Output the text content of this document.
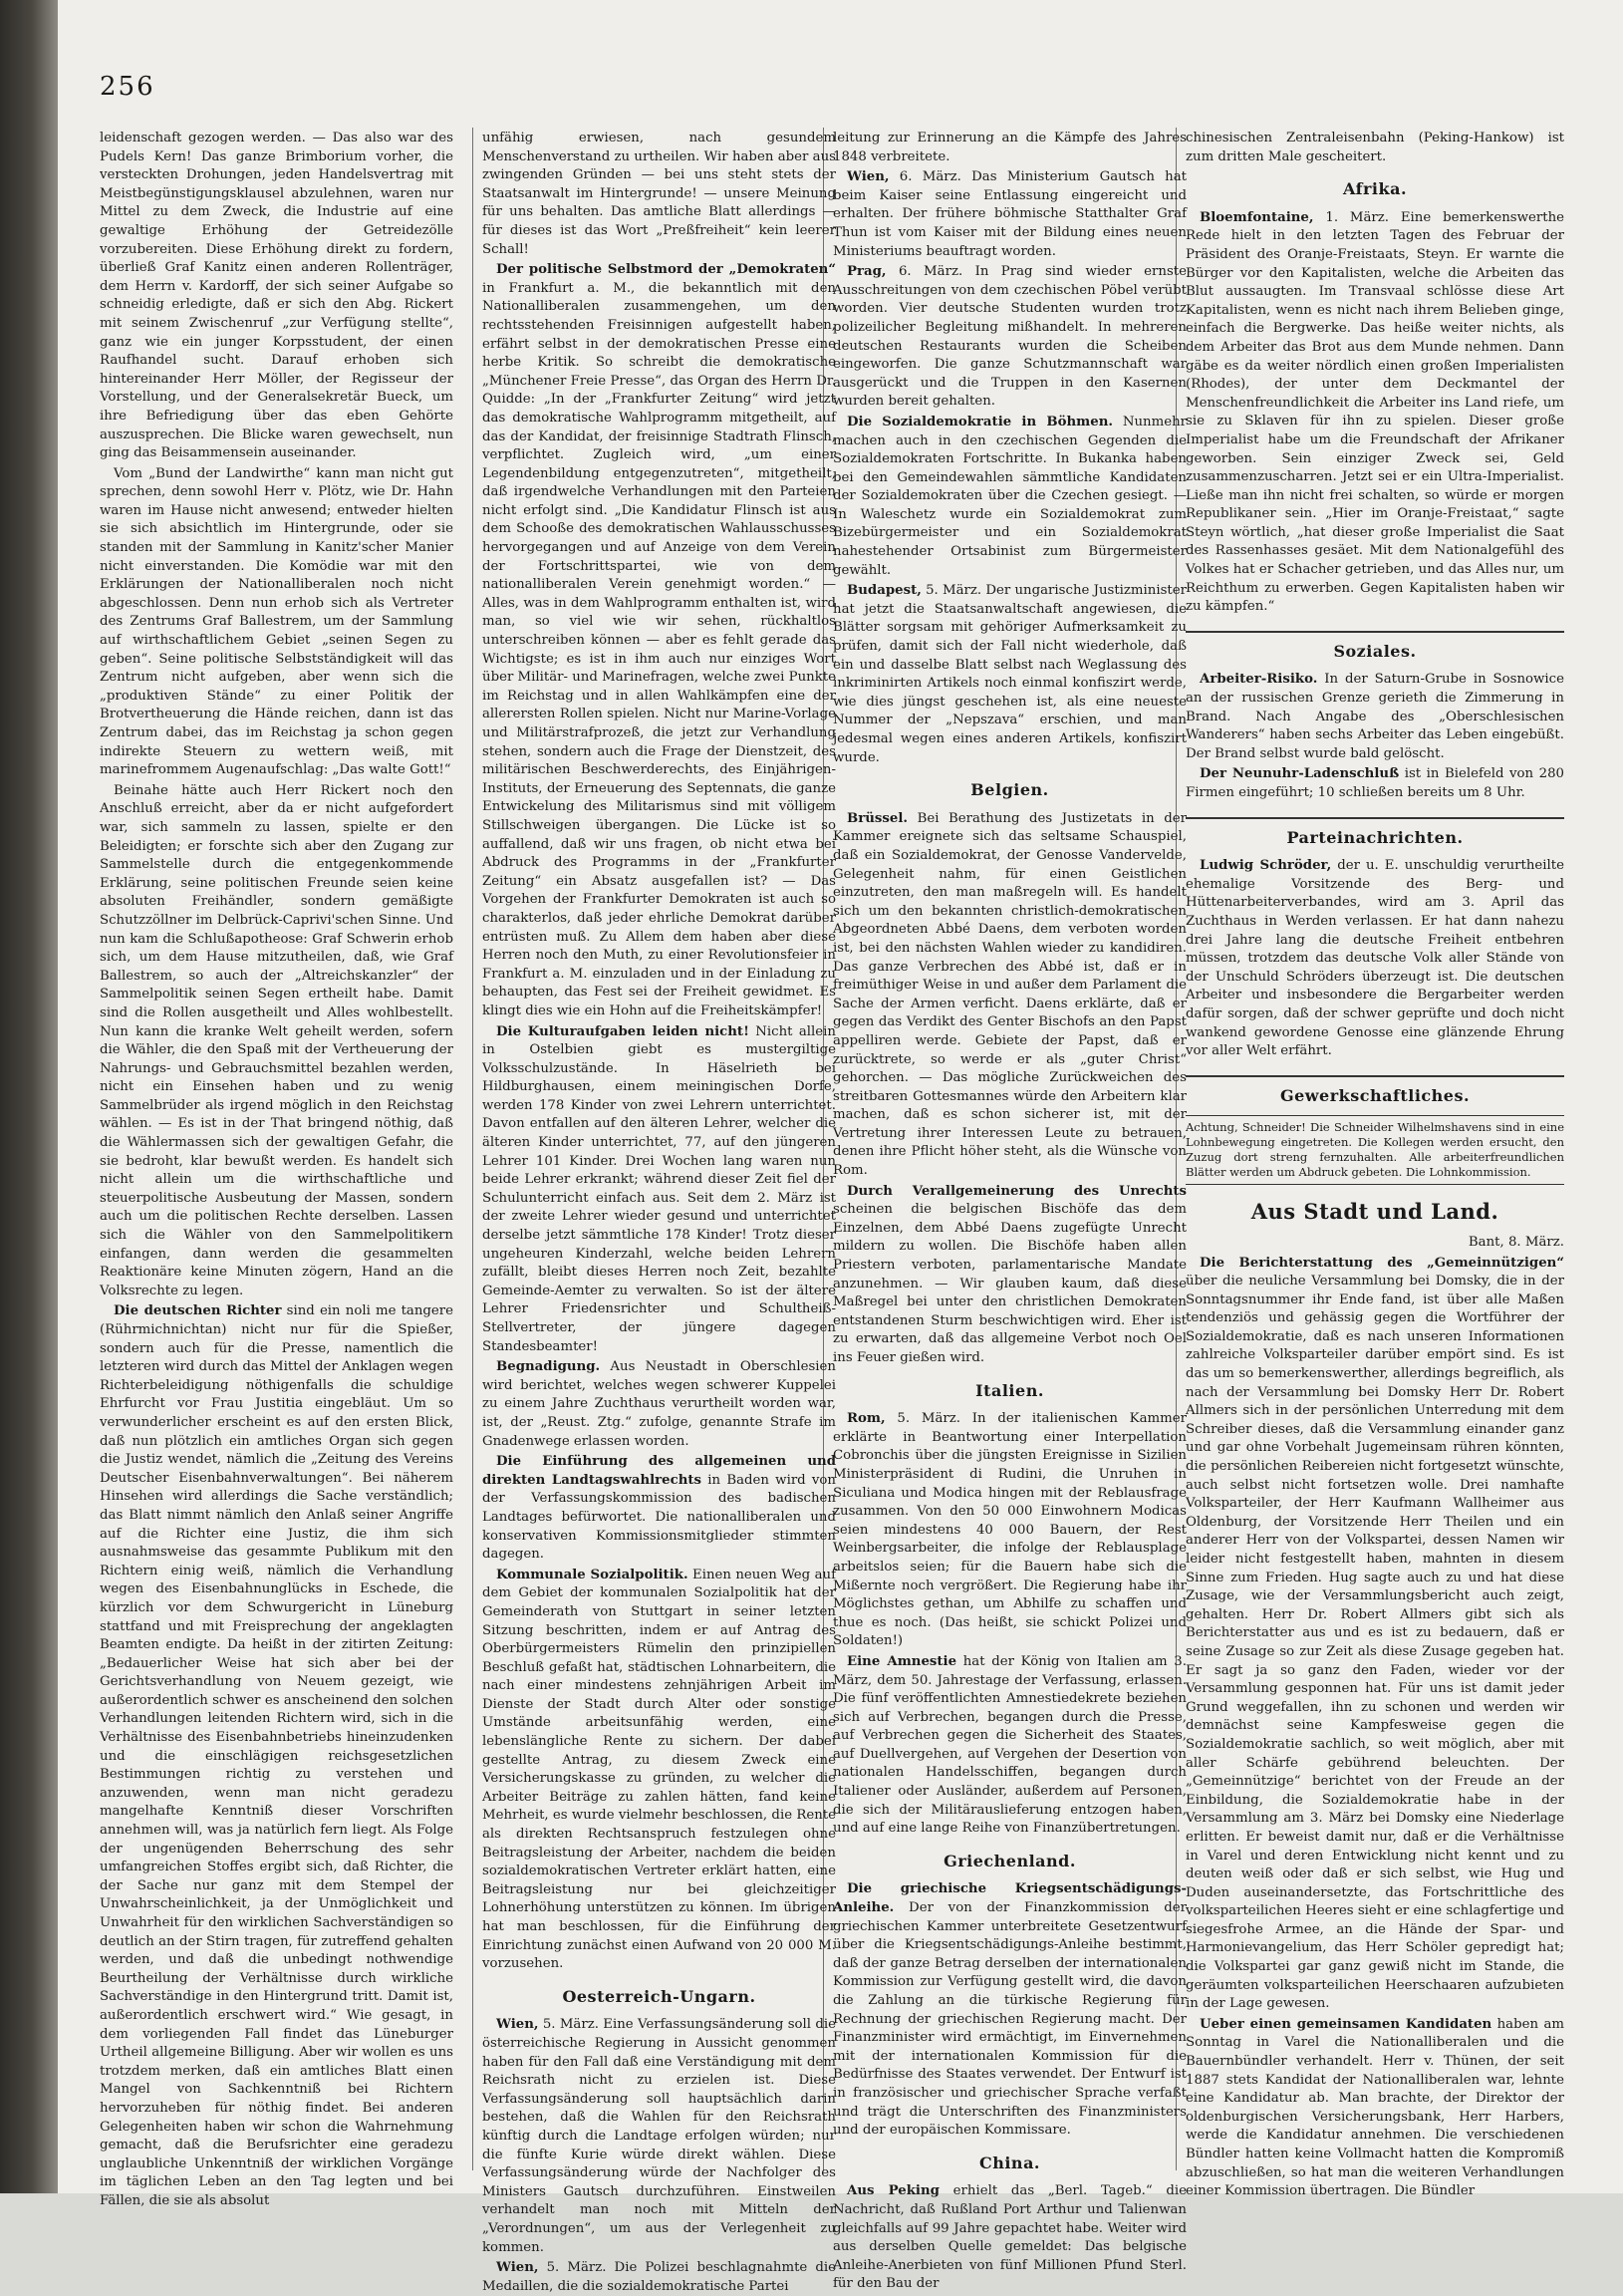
256

leidenschaft gezogen werden. — Das also war des Pudels Kern! Das ganze Brimborium vorher, die versteckten Drohungen, jeden Handelsvertrag mit Meistbegünstigungsklausel abzulehnen, waren nur Mittel zu dem Zweck, die Industrie auf eine gewaltige Erhöhung der Getreidezölle vorzubereiten. Diese Erhöhung direkt zu fordern, überließ Graf Kanitz einen anderen Rollenträger, dem Herrn v. Kardorff, der sich seiner Aufgabe so schneidig erledigte, daß er sich den Abg. Rickert mit seinem Zwischenruf „zur Verfügung stellte“, ganz wie ein junger Korpsstudent, der einen Raufhandel sucht. Darauf erhoben sich hintereinander Herr Möller, der Regisseur der Vorstellung, und der Generalsekretär Bueck, um ihre Befriedigung über das eben Gehörte auszusprechen. Die Blicke waren gewechselt, nun ging das Beisammensein auseinander.

Vom „Bund der Landwirthe“ kann man nicht gut sprechen, denn sowohl Herr v. Plötz, wie Dr. Hahn waren im Hause nicht anwesend; entweder hielten sie sich absichtlich im Hintergrunde, oder sie standen mit der Sammlung in Kanitz'scher Manier nicht einverstanden. Die Komödie war mit den Erklärungen der Nationalliberalen noch nicht abgeschlossen. Denn nun erhob sich als Vertreter des Zentrums Graf Ballestrem, um der Sammlung auf wirthschaftlichem Gebiet „seinen Segen zu geben“. Seine politische Selbstständigkeit will das Zentrum nicht aufgeben, aber wenn sich die „produktiven Stände“ zu einer Politik der Brotvertheuerung die Hände reichen, dann ist das Zentrum dabei, das im Reichstag ja schon gegen indirekte Steuern zu wettern weiß, mit marinefrommem Augenaufschlag: „Das walte Gott!“

Beinahe hätte auch Herr Rickert noch den Anschluß erreicht, aber da er nicht aufgefordert war, sich sammeln zu lassen, spielte er den Beleidigten; er forschte sich aber den Zugang zur Sammelstelle durch die entgegenkommende Erklärung, seine politischen Freunde seien keine absoluten Freihändler, sondern gemäßigte Schutzzöllner im Delbrück-Caprivi'schen Sinne. Und nun kam die Schlußapotheose: Graf Schwerin erhob sich, um dem Hause mitzutheilen, daß, wie Graf Ballestrem, so auch der „Altreichskanzler“ der Sammelpolitik seinen Segen ertheilt habe. Damit sind die Rollen ausgetheilt und Alles wohlbestellt. Nun kann die kranke Welt geheilt werden, sofern die Wähler, die den Spaß mit der Vertheuerung der Nahrungs- und Gebrauchsmittel bezahlen werden, nicht ein Einsehen haben und zu wenig Sammelbrüder als irgend möglich in den Reichstag wählen. — Es ist in der That bringend nöthig, daß die Wählermassen sich der gewaltigen Gefahr, die sie bedroht, klar bewußt werden. Es handelt sich nicht allein um die wirthschaftliche und steuerpolitische Ausbeutung der Massen, sondern auch um die politischen Rechte derselben. Lassen sich die Wähler von den Sammelpolitikern einfangen, dann werden die gesammelten Reaktionäre keine Minuten zögern, Hand an die Volksrechte zu legen.

Die deutschen Richter sind ein noli me tangere (Rührmichnichtan) nicht nur für die Spießer, sondern auch für die Presse, namentlich die letzteren wird durch das Mittel der Anklagen wegen Richterbeleidigung nöthigenfalls die schuldige Ehrfurcht vor Frau Justitia eingebläut. Um so verwunderlicher erscheint es auf den ersten Blick, daß nun plötzlich ein amtliches Organ sich gegen die Justiz wendet, nämlich die „Zeitung des Vereins Deutscher Eisenbahnverwaltungen“. Bei näherem Hinsehen wird allerdings die Sache verständlich; das Blatt nimmt nämlich den Anlaß seiner Angriffe auf die Richter eine Justiz, die ihm sich ausnahmsweise das gesammte Publikum mit den Richtern einig weiß, nämlich die Verhandlung wegen des Eisenbahnunglücks in Eschede, die kürzlich vor dem Schwurgericht in Lüneburg stattfand und mit Freisprechung der angeklagten Beamten endigte. Da heißt in der zitirten Zeitung: „Bedauerlicher Weise hat sich aber bei der Gerichtsverhandlung von Neuem gezeigt, wie außerordentlich schwer es anscheinend den solchen Verhandlungen leitenden Richtern wird, sich in die Verhältnisse des Eisenbahnbetriebs hineinzudenken und die einschlägigen reichsgesetzlichen Bestimmungen richtig zu verstehen und anzuwenden, wenn man nicht geradezu mangelhafte Kenntniß dieser Vorschriften annehmen will, was ja natürlich fern liegt. Als Folge der ungenügenden Beherrschung des sehr umfangreichen Stoffes ergibt sich, daß Richter, die der Sache nur ganz mit dem Stempel der Unwahrscheinlichkeit, ja der Unmöglichkeit und Unwahrheit für den wirklichen Sachverständigen so deutlich an der Stirn tragen, für zutreffend gehalten werden, und daß die unbedingt nothwendige Beurtheilung der Verhältnisse durch wirkliche Sachverständige in den Hintergrund tritt. Damit ist, außerordentlich erschwert wird.“ Wie gesagt, in dem vorliegenden Fall findet das Lüneburger Urtheil allgemeine Billigung. Aber wir wollen es uns trotzdem merken, daß ein amtliches Blatt einen Mangel von Sachkenntniß bei Richtern hervorzuheben für nöthig findet. Bei anderen Gelegenheiten haben wir schon die Wahrnehmung gemacht, daß die Berufsrichter eine geradezu unglaubliche Unkenntniß der wirklichen Vorgänge im täglichen Leben an den Tag legten und bei Fällen, die sie als absolut

unfähig erwiesen, nach gesundem Menschenverstand zu urtheilen. Wir haben aber aus zwingenden Gründen — bei uns steht stets der Staatsanwalt im Hintergrunde! — unsere Meinung für uns behalten. Das amtliche Blatt allerdings — für dieses ist das Wort „Preßfreiheit“ kein leerer Schall!

Der politische Selbstmord der „Demokraten“ in Frankfurt a. M., die bekanntlich mit den Nationalliberalen zusammengehen, um den rechtsstehenden Freisinnigen aufgestellt haben, erfährt selbst in der demokratischen Presse eine herbe Kritik. So schreibt die demokratische „Münchener Freie Presse“, das Organ des Herrn Dr. Quidde: „In der „Frankfurter Zeitung“ wird jetzt das demokratische Wahlprogramm mitgetheilt, auf das der Kandidat, der freisinnige Stadtrath Flinsch, verpflichtet. Zugleich wird, „um einer Legendenbildung entgegenzutreten“, mitgetheilt, daß irgendwelche Verhandlungen mit den Parteien nicht erfolgt sind. „Die Kandidatur Flinsch ist aus dem Schooße des demokratischen Wahlausschusses hervorgegangen und auf Anzeige von dem Verein der Fortschrittspartei, wie von dem nationalliberalen Verein genehmigt worden.“ — Alles, was in dem Wahlprogramm enthalten ist, wird man, so viel wie wir sehen, rückhaltlos unterschreiben können — aber es fehlt gerade das Wichtigste; es ist in ihm auch nur einziges Wort über Militär- und Marinefragen, welche zwei Punkte im Reichstag und in allen Wahlkämpfen eine der allerersten Rollen spielen. Nicht nur Marine-Vorlage und Militärstrafprozeß, die jetzt zur Verhandlung stehen, sondern auch die Frage der Dienstzeit, des militärischen Beschwerderechts, des Einjährigen-Instituts, der Erneuerung des Septennats, die ganze Entwickelung des Militarismus sind mit völligem Stillschweigen übergangen. Die Lücke ist so auffallend, daß wir uns fragen, ob nicht etwa bei Abdruck des Programms in der „Frankfurter Zeitung“ ein Absatz ausgefallen ist? — Das Vorgehen der Frankfurter Demokraten ist auch so charakterlos, daß jeder ehrliche Demokrat darüber entrüsten muß. Zu Allem dem haben aber diese Herren noch den Muth, zu einer Revolutionsfeier in Frankfurt a. M. einzuladen und in der Einladung zu behaupten, das Fest sei der Freiheit gewidmet. Es klingt dies wie ein Hohn auf die Freiheitskämpfer!

Die Kulturaufgaben leiden nicht! Nicht allein in Ostelbien giebt es mustergiltige Volksschulzustände. In Häselrieth bei Hildburghausen, einem meiningischen Dorfe, werden 178 Kinder von zwei Lehrern unterrichtet. Davon entfallen auf den älteren Lehrer, welcher die älteren Kinder unterrichtet, 77, auf den jüngeren Lehrer 101 Kinder. Drei Wochen lang waren nun beide Lehrer erkrankt; während dieser Zeit fiel der Schulunterricht einfach aus. Seit dem 2. März ist der zweite Lehrer wieder gesund und unterrichtet derselbe jetzt sämmtliche 178 Kinder! Trotz dieser ungeheuren Kinderzahl, welche beiden Lehrern zufällt, bleibt dieses Herren noch Zeit, bezahlte Gemeinde-Aemter zu verwalten. So ist der ältere Lehrer Friedensrichter und Schultheiß-Stellvertreter, der jüngere dagegen Standesbeamter!

Begnadigung. Aus Neustadt in Oberschlesien wird berichtet, welches wegen schwerer Kuppelei zu einem Jahre Zuchthaus verurtheilt worden war, ist, der „Reust. Ztg.“ zufolge, genannte Strafe im Gnadenwege erlassen worden.

Die Einführung des allgemeinen und direkten Landtagswahlrechts in Baden wird von der Verfassungskommission des badischen Landtages befürwortet. Die nationalliberalen und konservativen Kommissionsmitglieder stimmten dagegen.

Kommunale Sozialpolitik. Einen neuen Weg auf dem Gebiet der kommunalen Sozialpolitik hat der Gemeinderath von Stuttgart in seiner letzten Sitzung beschritten, indem er auf Antrag des Oberbürgermeisters Rümelin den prinzipiellen Beschluß gefaßt hat, städtischen Lohnarbeitern, die nach einer mindestens zehnjährigen Arbeit im Dienste der Stadt durch Alter oder sonstige Umstände arbeitsunfähig werden, eine lebenslängliche Rente zu sichern. Der dabei gestellte Antrag, zu diesem Zweck eine Versicherungskasse zu gründen, zu welcher die Arbeiter Beiträge zu zahlen hätten, fand keine Mehrheit, es wurde vielmehr beschlossen, die Rente als direkten Rechtsanspruch festzulegen ohne Beitragsleistung der Arbeiter, nachdem die beiden sozialdemokratischen Vertreter erklärt hatten, eine Beitragsleistung nur bei gleichzeitiger Lohnerhöhung unterstützen zu können. Im übrigen hat man beschlossen, für die Einführung der Einrichtung zunächst einen Aufwand von 20 000 M. vorzusehen.

Oesterreich-Ungarn.

Wien, 5. März. Eine Verfassungsänderung soll die österreichische Regierung in Aussicht genommen haben für den Fall daß eine Verständigung mit dem Reichsrath nicht zu erzielen ist. Diese Verfassungsänderung soll hauptsächlich darin bestehen, daß die Wahlen für den Reichsrath künftig durch die Landtage erfolgen würden; nur die fünfte Kurie würde direkt wählen. Diese Verfassungsänderung würde der Nachfolger des Ministers Gautsch durchzuführen. Einstweilen verhandelt man noch mit Mitteln der „Verordnungen“, um aus der Verlegenheit zu kommen.

Wien, 5. März. Die Polizei beschlagnahmte die Medaillen, die die sozialdemokratische Partei

leitung zur Erinnerung an die Kämpfe des Jahres 1848 verbreitete.

Wien, 6. März. Das Ministerium Gautsch hat beim Kaiser seine Entlassung eingereicht und erhalten. Der frühere böhmische Statthalter Graf Thun ist vom Kaiser mit der Bildung eines neuen Ministeriums beauftragt worden.

Prag, 6. März. In Prag sind wieder ernste Ausschreitungen von dem czechischen Pöbel verübt worden. Vier deutsche Studenten wurden trotz polizeilicher Begleitung mißhandelt. In mehreren deutschen Restaurants wurden die Scheiben eingeworfen. Die ganze Schutzmannschaft war ausgerückt und die Truppen in den Kasernen wurden bereit gehalten.

Die Sozialdemokratie in Böhmen. Nunmehr machen auch in den czechischen Gegenden die Sozialdemokraten Fortschritte. In Bukanka haben bei den Gemeindewahlen sämmtliche Kandidaten der Sozialdemokraten über die Czechen gesiegt. — In Waleschetz wurde ein Sozialdemokrat zum Bizebürgermeister und ein Sozialdemokrat nahestehender Ortsabinist zum Bürgermeister gewählt.

Budapest, 5. März. Der ungarische Justizminister hat jetzt die Staatsanwaltschaft angewiesen, die Blätter sorgsam mit gehöriger Aufmerksamkeit zu prüfen, damit sich der Fall nicht wiederhole, daß ein und dasselbe Blatt selbst nach Weglassung des inkriminirten Artikels noch einmal konfiszirt werde, wie dies jüngst geschehen ist, als eine neueste Nummer der „Nepszava“ erschien, und man jedesmal wegen eines anderen Artikels, konfiszirt wurde.

Belgien.

Brüssel. Bei Berathung des Justizetats in der Kammer ereignete sich das seltsame Schauspiel, daß ein Sozialdemokrat, der Genosse Vandervelde, Gelegenheit nahm, für einen Geistlichen einzutreten, den man maßregeln will. Es handelt sich um den bekannten christlich-demokratischen Abgeordneten Abbé Daens, dem verboten worden ist, bei den nächsten Wahlen wieder zu kandidiren. Das ganze Verbrechen des Abbé ist, daß er in freimüthiger Weise in und außer dem Parlament die Sache der Armen verficht. Daens erklärte, daß er gegen das Verdikt des Genter Bischofs an den Papst appelliren werde. Gebiete der Papst, daß er zurücktrete, so werde er als „guter Christ“ gehorchen. — Das mögliche Zurückweichen des streitbaren Gottesmannes würde den Arbeitern klar machen, daß es schon sicherer ist, mit der Vertretung ihrer Interessen Leute zu betrauen, denen ihre Pflicht höher steht, als die Wünsche von Rom.

Durch Verallgemeinerung des Unrechts scheinen die belgischen Bischöfe das dem Einzelnen, dem Abbé Daens zugefügte Unrecht mildern zu wollen. Die Bischöfe haben allen Priestern verboten, parlamentarische Mandate anzunehmen. — Wir glauben kaum, daß diese Maßregel bei unter den christlichen Demokraten entstandenen Sturm beschwichtigen wird. Eher ist zu erwarten, daß das allgemeine Verbot noch Oel ins Feuer gießen wird.

Italien.

Rom, 5. März. In der italienischen Kammer erklärte in Beantwortung einer Interpellation Cobronchis über die jüngsten Ereignisse in Sizilien Ministerpräsident di Rudini, die Unruhen in Siculiana und Modica hingen mit der Reblausfrage zusammen. Von den 50 000 Einwohnern Modicas seien mindestens 40 000 Bauern, der Rest Weinbergsarbeiter, die infolge der Reblausplage arbeitslos seien; für die Bauern habe sich die Mißernte noch vergrößert. Die Regierung habe ihr Möglichstes gethan, um Abhilfe zu schaffen und thue es noch. (Das heißt, sie schickt Polizei und Soldaten!)

Eine Amnestie hat der König von Italien am 3. März, dem 50. Jahrestage der Verfassung, erlassen. Die fünf veröffentlichten Amnestiedekrete beziehen sich auf Verbrechen, begangen durch die Presse, auf Verbrechen gegen die Sicherheit des Staates, auf Duellvergehen, auf Vergehen der Desertion von nationalen Handelsschiffen, begangen durch Italiener oder Ausländer, außerdem auf Personen, die sich der Militärauslieferung entzogen haben, und auf eine lange Reihe von Finanzübertretungen.

Griechenland.

Die griechische Kriegsentschädigungs-Anleihe. Der von der Finanzkommission der griechischen Kammer unterbreitete Gesetzentwurf über die Kriegsentschädigungs-Anleihe bestimmt, daß der ganze Betrag derselben der internationalen Kommission zur Verfügung gestellt wird, die davon die Zahlung an die türkische Regierung für Rechnung der griechischen Regierung macht. Der Finanzminister wird ermächtigt, im Einvernehmen mit der internationalen Kommission für die Bedürfnisse des Staates verwendet. Der Entwurf ist in französischer und griechischer Sprache verfaßt und trägt die Unterschriften des Finanzministers und der europäischen Kommissare.

China.

Aus Peking erhielt das „Berl. Tageb.“ die Nachricht, daß Rußland Port Arthur und Talienwan gleichfalls auf 99 Jahre gepachtet habe. Weiter wird aus derselben Quelle gemeldet: Das belgische Anleihe-Anerbieten von fünf Millionen Pfund Sterl. für den Bau der

chinesischen Zentraleisenbahn (Peking-Hankow) ist zum dritten Male gescheitert.

Afrika.

Bloemfontaine, 1. März. Eine bemerkenswerthe Rede hielt in den letzten Tagen des Februar der Präsident des Oranje-Freistaats, Steyn. Er warnte die Bürger vor den Kapitalisten, welche die Arbeiten das Blut aussaugten. Im Transvaal schlösse diese Art Kapitalisten, wenn es nicht nach ihrem Belieben ginge, einfach die Bergwerke. Das heiße weiter nichts, als dem Arbeiter das Brot aus dem Munde nehmen. Dann gäbe es da weiter nördlich einen großen Imperialisten (Rhodes), der unter dem Deckmantel der Menschenfreundlichkeit die Arbeiter ins Land riefe, um sie zu Sklaven für ihn zu spielen. Dieser große Imperialist habe um die Freundschaft der Afrikaner geworben. Sein einziger Zweck sei, Geld zusammenzuscharren. Jetzt sei er ein Ultra-Imperialist. Ließe man ihn nicht frei schalten, so würde er morgen Republikaner sein. „Hier im Oranje-Freistaat,“ sagte Steyn wörtlich, „hat dieser große Imperialist die Saat des Rassenhasses gesäet. Mit dem Nationalgefühl des Volkes hat er Schacher getrieben, und das Alles nur, um Reichthum zu erwerben. Gegen Kapitalisten haben wir zu kämpfen.“

Soziales.

Arbeiter-Risiko. In der Saturn-Grube in Sosnowice an der russischen Grenze gerieth die Zimmerung in Brand. Nach Angabe des „Oberschlesischen Wanderers“ haben sechs Arbeiter das Leben eingebüßt. Der Brand selbst wurde bald gelöscht.

Der Neunuhr-Ladenschluß ist in Bielefeld von 280 Firmen eingeführt; 10 schließen bereits um 8 Uhr.

Parteinachrichten.

Ludwig Schröder, der u. E. unschuldig verurtheilte ehemalige Vorsitzende des Berg- und Hüttenarbeiterverbandes, wird am 3. April das Zuchthaus in Werden verlassen. Er hat dann nahezu drei Jahre lang die deutsche Freiheit entbehren müssen, trotzdem das deutsche Volk aller Stände von der Unschuld Schröders überzeugt ist. Die deutschen Arbeiter und insbesondere die Bergarbeiter werden dafür sorgen, daß der schwer geprüfte und doch nicht wankend gewordene Genosse eine glänzende Ehrung vor aller Welt erfährt.

Gewerkschaftliches.
Achtung, Schneider! Die Schneider Wilhelmshavens sind in eine Lohnbewegung eingetreten. Die Kollegen werden ersucht, den Zuzug dort streng fernzuhalten. Alle arbeiterfreundlichen Blätter werden um Abdruck gebeten. Die Lohnkommission.
Aus Stadt und Land.

Bant, 8. März.

Die Berichterstattung des „Gemeinnützigen“ über die neuliche Versammlung bei Domsky, die in der Sonntagsnummer ihr Ende fand, ist über alle Maßen tendenziös und gehässig gegen die Wortführer der Sozialdemokratie, daß es nach unseren Informationen zahlreiche Volksparteiler darüber empört sind. Es ist das um so bemerkenswerther, allerdings begreiflich, als nach der Versammlung bei Domsky Herr Dr. Robert Allmers sich in der persönlichen Unterredung mit dem Schreiber dieses, daß die Versammlung einander ganz und gar ohne Vorbehalt Jugemeinsam rühren könnten, die persönlichen Reibereien nicht fortgesetzt wünschte, auch selbst nicht fortsetzen wolle. Drei namhafte Volksparteiler, der Herr Kaufmann Wallheimer aus Oldenburg, der Vorsitzende Herr Theilen und ein anderer Herr von der Volkspartei, dessen Namen wir leider nicht festgestellt haben, mahnten in diesem Sinne zum Frieden. Hug sagte auch zu und hat diese Zusage, wie der Versammlungsbericht auch zeigt, gehalten. Herr Dr. Robert Allmers gibt sich als Berichterstatter aus und es ist zu bedauern, daß er seine Zusage so zur Zeit als diese Zusage gegeben hat. Er sagt ja so ganz den Faden, wieder vor der Versammlung gesponnen hat. Für uns ist damit jeder Grund weggefallen, ihn zu schonen und werden wir demnächst seine Kampfesweise gegen die Sozialdemokratie sachlich, so weit möglich, aber mit aller Schärfe gebührend beleuchten. Der „Gemeinnützige“ berichtet von der Freude an der Einbildung, die Sozialdemokratie habe in der Versammlung am 3. März bei Domsky eine Niederlage erlitten. Er beweist damit nur, daß er die Verhältnisse in Varel und deren Entwicklung nicht kennt und zu deuten weiß oder daß er sich selbst, wie Hug und Duden auseinandersetzte, das Fortschrittliche des volksparteilichen Heeres sieht er eine schlagfertige und siegesfrohe Armee, an die Hände der Spar- und Harmonievangelium, das Herr Schöler gepredigt hat; die Volkspartei gar ganz gewiß nicht im Stande, die geräumten volksparteilichen Heerschaaren aufzubieten in der Lage gewesen.

Ueber einen gemeinsamen Kandidaten haben am Sonntag in Varel die Nationalliberalen und die Bauernbündler verhandelt. Herr v. Thünen, der seit 1887 stets Kandidat der Nationalliberalen war, lehnte eine Kandidatur ab. Man brachte, der Direktor der oldenburgischen Versicherungsbank, Herr Harbers, werde die Kandidatur annehmen. Die verschiedenen Bündler hatten keine Vollmacht hatten die Kompromiß abzuschließen, so hat man die weiteren Verhandlungen einer Kommission übertragen. Die Bündler
